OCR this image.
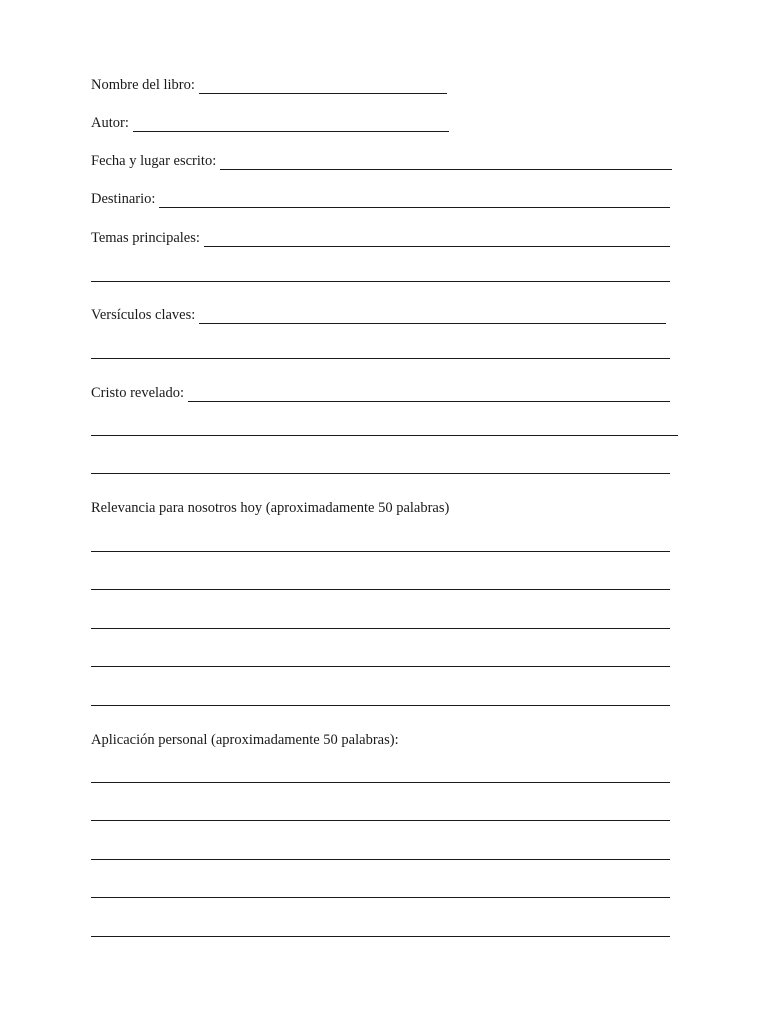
Nombre del libro:
Autor:
Fecha y lugar escrito:
Destinario:
Temas principales:
Versículos claves:
Cristo revelado:
Relevancia para nosotros hoy (aproximadamente 50 palabras)
Aplicación personal (aproximadamente 50 palabras):
